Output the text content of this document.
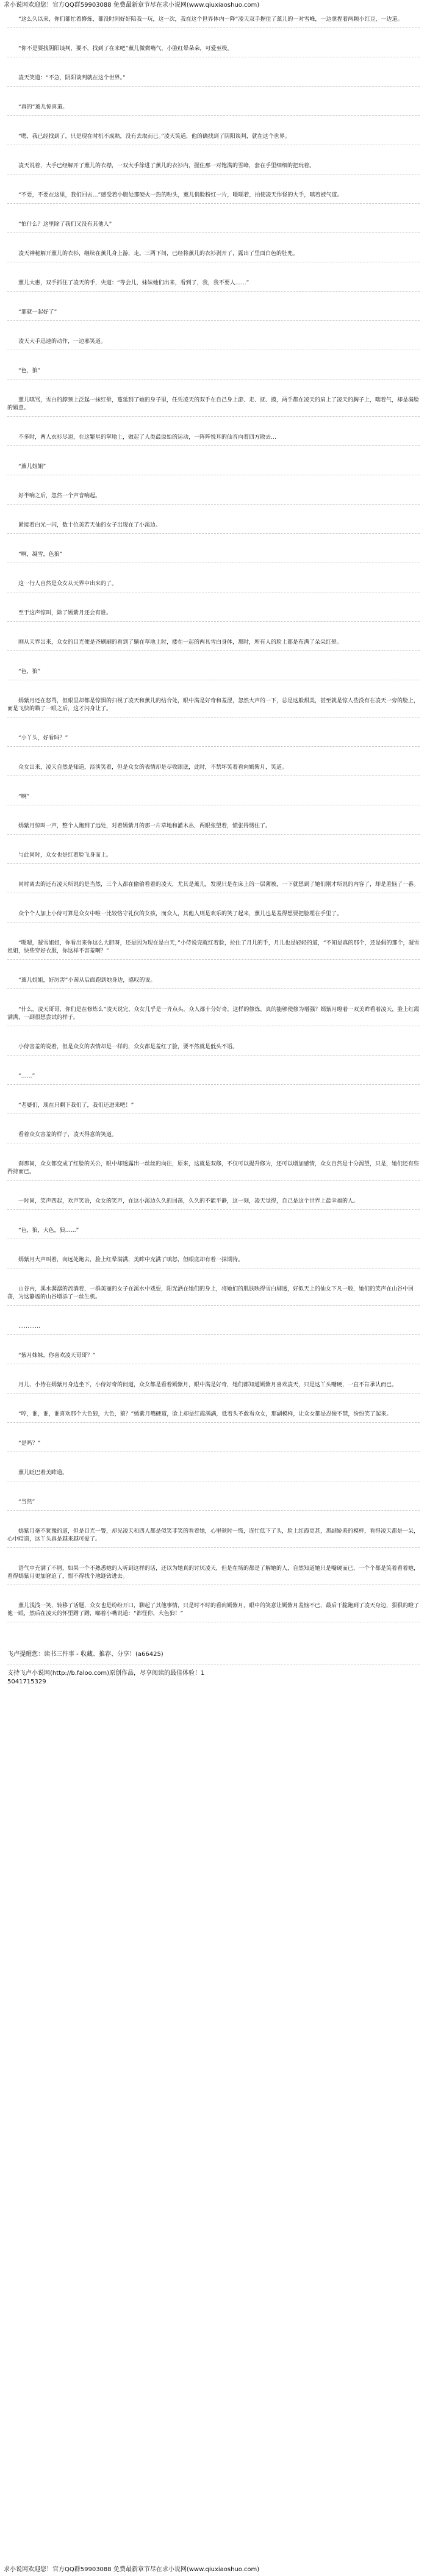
求小说网欢迎您！官方QQ群59903088 免费最新章节尽在求小说网(www.qiuxiaoshuo.com)

“这么久以来，你们都忙着修炼，都没时间好好陪我一玩，这一次，我在这个世界体内一降“凌天双手握住了薰儿的一对雪峰，一边拿捏着两颗小红豆，一边道。

“你不是要找阴阳谈判，要不，找到了在来吧”薰儿微微嘴气，小脸红晕朵朵，可爱至极。

凌天笑道：“不急，阴阳谈判就在这个世界。”

“真的”薰儿惊喜道。

“嗯，我已经找到了，只是现在时机不成熟，没有去取而已。”凌天笑道，他的确找到了阴阳谈判，就在这个世界。

凌天说着，大手已经解开了薰儿的衣襟，一双大手徐进了薰儿的衣衫内，握住那一对饱满的雪峰，套在手里细细的把玩着。

“不要，不要在这里，我们回去…”感受着小腹处那硬火一热的粉头，薰儿俏脸粉红一片，嗫嚅着，拍使凌天作怪的大手，嗔着被气道。

“怕什么？这里除了我们又没有其他人”

凌天神秘解开薰儿的衣衫，继续在薰儿身上游，走。三两下间，已经将薰儿的衣衫剥开了，露出了里面白色的肚兜。

薰儿大惠，双手抓住了凌天的手，央道：“等会儿，妹妹她们出来，看到了，我，我不要人……”

“那就一起好了”

凌天大手迅速的动作，一边邪笑道。

“色，狼”

薰儿嗔骂，雪白的脖颈上泛起一抹红晕，蔓延到了她的身子里，任凭凌天的双手在自己身上游、走、抚、摸，两手都在凌天的肩上了凌天的胸子上，喘着气，却是满脸的媚意。

不多时，两人衣衫尽退，在这繁星的掌地上，做起了人类最原始的运动，一阵阵悦耳的仙音向着四方散去…

“薰儿姐姐”

好半响之后，忽然一个声音响起。

紧接着白光一闪，数十位美若天仙的女子出现在了小溪边。

“啊，凝雪，色狼”

这一行人自然是众女从天界中出来的了。

至于这声惊叫，除了嫣紫月还会有谁。

刚从天界出来，众女的目光便是齐刷刷的看到了躺在草地上时，搂在一起的两具雪白身体，那时，所有人的脸上都是布满了朵朵红晕。

“色，狼”

嫣紫月还在怒骂，但眼里却都是惊惧的扫视了凌天和薰儿的结合处，眼中满是好奇和羞涩，忽然大声的一下，总是这般甜美，甚至就是惊人些没有在凌天一旁的脸上，而是飞快的瞄了一眼之后，这才闪身让了。

“小丫头，好看吗？”

众女出来，凌天自然是知道，淡淡笑着，但是众女的表情却是尽收眼底，此时，不禁坏笑着看向嫣紫月，笑道。

“啊”

嫣紫月惊叫一声，整个人跑到了远处，对着嫣紫月的那一片草地和灌木丛，两眼张望着，慌张得愣住了。

与此同时，众女也是红着脸飞身而上。

同时离去的还有凌天所说的是当然，三个人都在偷偷看着的凌天，尤其是薰儿，发现只是在床上的一层薄被，一下就想到了她们刚才所说的内容了，却是羞恼了一番。

众个个人加上小侍可算是众女中唯一比较恪守礼仪的女孩，而众人，其他人则是欢乐的笑了起来，薰儿也是羞得想要把脸埋在手里了。

“嗯嗯，凝雪姐姐，你看出来你这么大胆呀，还是因为现在是白天，”小侍说完就红着脸，拉住了月儿的手，月儿也是轻轻的道，“不知是真的那个，还是假的那个，凝雪姐姐，快些穿好衣服，你这样不害羞啊？”

“薰儿姐姐，好厉害”小茜从后面跑到她身边，感叹的说。

“什么，凌天哥哥，你们是在修炼么”凌天说完，众女几乎是一齐点头，众人都十分好奇，这样的修炼，真的能够使修为增强？嫣紫月瞪着一双美眸看着凌天，脸上红霞满满，一副很想尝试的样子。

小侍害羞的说着，但是众女的表情却是一样的，众女都是羞红了脸，要不然就是低头不语。

“……”

“老婆们，现在只剩下我们了，我们还进来吧！”

看着众女害羞的样子，凌天得意的笑道。

刹那间，众女都变成了红脸的关公，眼中却透露出一丝丝的向往，原来，这就是双修，不仅可以提升修为，还可以增加感情，众女自然是十分渴望，只是，她们还有些矜持而已。

一时间，笑声四起，欢声笑语，众女的笑声，在这小溪边久久的回荡，久久的不能平静，这一刻，凌天觉得，自己是这个世界上最幸福的人。

“色，狼，大色，狼……”

嫣紫月大声叫着，向远处跑去，脸上红晕满满，美眸中充满了嗔怒，但眼底却有着一抹期待。

山谷内，溪水潺潺的流淌着，一群美丽的女子在溪水中戏耍，阳光洒在她们的身上，将她们的肌肤映得雪白剔透，好似天上的仙女下凡一般，她们的笑声在山谷中回荡，为这静谧的山谷增添了一丝生机。

…………

“紫月妹妹，你喜欢凌天哥哥？”

月儿、小侍在嫣紫月身边坐下，小侍好奇的问道，众女都是看着嫣紫月，眼中满是好奇，她们都知道嫣紫月喜欢凌天，只是这丫头嘴硬，一直不肯承认而已。

“哼，谁，谁，谁喜欢那个大色狼，大色，狼？”嫣紫月嘴硬道，脸上却是红霞满满，低着头不敢看众女，那副模样，让众女都是忍俊不禁，纷纷笑了起来。

“是吗？”

薰儿眨巴着美眸道。

“当然”

嫣紫月毫不犹豫的道，但是目光一瞥，却见凌天和四人都是似笑非笑的看着她，心里顿时一慌，连忙低下了头，脸上红霞更甚，那副娇羞的模样，看得凌天都是一呆，心中暗道，这丫头真是越来越可爱了。

语气中充满了不屑，如果一个不熟悉她的人听到这样的话，还以为她真的讨厌凌天，但是在场的都是了解她的人，自然知道她只是嘴硬而已，一个个都是笑着看着她，看得嫣紫月更加窘迫了，恨不得找个地缝钻进去。

薰儿浅浅一笑，转移了话题，众女也是纷纷开口，聊起了其他事情，只是时不时的看向嫣紫月，眼中的笑意让嫣紫月羞恼不已，最后干脆跑到了凌天身边，狠狠的瞪了他一眼，然后在凌天的怀里蹭了蹭，嘟着小嘴说道：“都怪你，大色狼！”

飞卢提醒您：读书三件事 - 收藏、推荐、分享！(a66425)
支持飞卢小说网(http://b.faloo.com)原创作品，尽享阅读的最佳体验！1
5041715329
求小说网欢迎您！官方QQ群59903088 免费最新章节尽在求小说网(www.qiuxiaoshuo.com)
